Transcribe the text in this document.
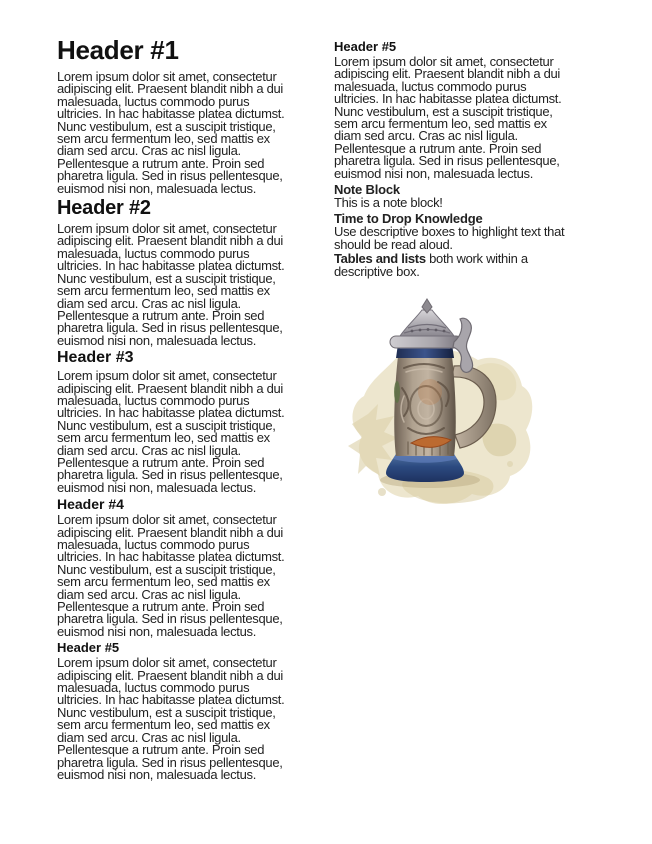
Header #1
Lorem ipsum dolor sit amet, consectetur
adipiscing elit. Praesent blandit nibh a dui
malesuada, luctus commodo purus
ultricies. In hac habitasse platea dictumst.
Nunc vestibulum, est a suscipit tristique,
sem arcu fermentum leo, sed mattis ex
diam sed arcu. Cras ac nisl ligula.
Pellentesque a rutrum ante. Proin sed
pharetra ligula. Sed in risus pellentesque,
euismod nisi non, malesuada lectus.
Header #2
Lorem ipsum dolor sit amet, consectetur
adipiscing elit. Praesent blandit nibh a dui
malesuada, luctus commodo purus
ultricies. In hac habitasse platea dictumst.
Nunc vestibulum, est a suscipit tristique,
sem arcu fermentum leo, sed mattis ex
diam sed arcu. Cras ac nisl ligula.
Pellentesque a rutrum ante. Proin sed
pharetra ligula. Sed in risus pellentesque,
euismod nisi non, malesuada lectus.
Header #3
Lorem ipsum dolor sit amet, consectetur
adipiscing elit. Praesent blandit nibh a dui
malesuada, luctus commodo purus
ultricies. In hac habitasse platea dictumst.
Nunc vestibulum, est a suscipit tristique,
sem arcu fermentum leo, sed mattis ex
diam sed arcu. Cras ac nisl ligula.
Pellentesque a rutrum ante. Proin sed
pharetra ligula. Sed in risus pellentesque,
euismod nisi non, malesuada lectus.
Header #4
Lorem ipsum dolor sit amet, consectetur
adipiscing elit. Praesent blandit nibh a dui
malesuada, luctus commodo purus
ultricies. In hac habitasse platea dictumst.
Nunc vestibulum, est a suscipit tristique,
sem arcu fermentum leo, sed mattis ex
diam sed arcu. Cras ac nisl ligula.
Pellentesque a rutrum ante. Proin sed
pharetra ligula. Sed in risus pellentesque,
euismod nisi non, malesuada lectus.
Header #5
Lorem ipsum dolor sit amet, consectetur
adipiscing elit. Praesent blandit nibh a dui
malesuada, luctus commodo purus
ultricies. In hac habitasse platea dictumst.
Nunc vestibulum, est a suscipit tristique,
sem arcu fermentum leo, sed mattis ex
diam sed arcu. Cras ac nisl ligula.
Pellentesque a rutrum ante. Proin sed
pharetra ligula. Sed in risus pellentesque,
euismod nisi non, malesuada lectus.
Header #5
Lorem ipsum dolor sit amet, consectetur
adipiscing elit. Praesent blandit nibh a dui
malesuada, luctus commodo purus
ultricies. In hac habitasse platea dictumst.
Nunc vestibulum, est a suscipit tristique,
sem arcu fermentum leo, sed mattis ex
diam sed arcu. Cras ac nisl ligula.
Pellentesque a rutrum ante. Proin sed
pharetra ligula. Sed in risus pellentesque,
euismod nisi non, malesuada lectus.
Note Block
This is a note block!
Time to Drop Knowledge
Use descriptive boxes to highlight text that
should be read aloud.
Tables and lists both work within a descriptive box.
